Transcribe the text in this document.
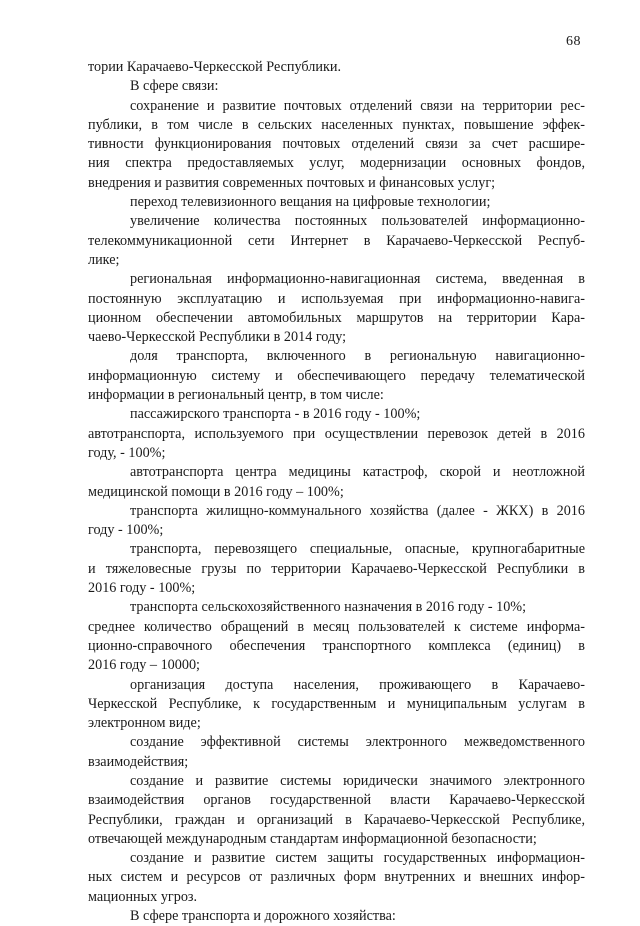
68
тории Карачаево-Черкесской Республики.
В сфере связи:
сохранение и развитие почтовых отделений связи на территории рес-
публики, в том числе в сельских населенных пунктах, повышение эффек-
тивности функционирования почтовых отделений связи за счет расшире-
ния спектра предоставляемых услуг, модернизации основных фондов,
внедрения и развития современных почтовых и финансовых услуг;
переход телевизионного вещания на цифровые технологии;
увеличение количества постоянных пользователей информационно-
телекоммуникационной сети Интернет в Карачаево-Черкесской Респуб-
лике;
региональная информационно-навигационная система, введенная в
постоянную эксплуатацию и используемая при информационно-навига-
ционном обеспечении автомобильных маршрутов на территории Кара-
чаево-Черкесской Республики в 2014 году;
доля транспорта, включенного в региональную навигационно-
информационную систему и обеспечивающего передачу телематической
информации в региональный центр, в том числе:
пассажирского транспорта - в 2016 году - 100%;
автотранспорта, используемого при осуществлении перевозок детей в 2016
году, - 100%;
автотранспорта центра медицины катастроф, скорой и неотложной
медицинской помощи в 2016 году – 100%;
транспорта жилищно-коммунального хозяйства (далее - ЖКХ) в 2016
году - 100%;
транспорта, перевозящего специальные, опасные, крупногабаритные
и тяжеловесные грузы по территории Карачаево-Черкесской Республики в
2016 году - 100%;
транспорта сельскохозяйственного назначения в 2016 году - 10%;
среднее количество обращений в месяц пользователей к системе информа-
ционно-справочного обеспечения транспортного комплекса (единиц) в
2016 году – 10000;
организация доступа населения, проживающего в Карачаево-
Черкесской Республике, к государственным и муниципальным услугам в
электронном виде;
создание эффективной системы электронного межведомственного
взаимодействия;
создание и развитие системы юридически значимого электронного
взаимодействия органов государственной власти Карачаево-Черкесской
Республики, граждан и организаций в Карачаево-Черкесской Республике,
отвечающей международным стандартам информационной безопасности;
создание и развитие систем защиты государственных информацион-
ных систем и ресурсов от различных форм внутренних и внешних инфор-
мационных угроз.
В сфере транспорта и дорожного хозяйства:
